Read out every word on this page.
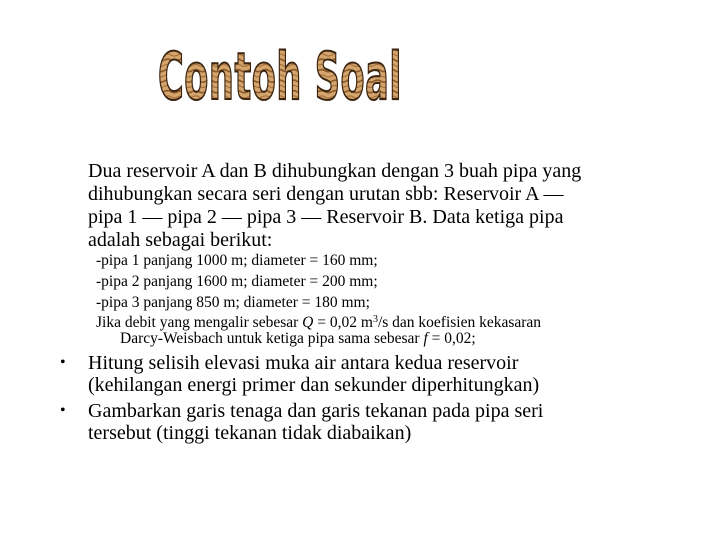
Contoh Soal
Dua reservoir A dan B dihubungkan dengan 3 buah pipa yang
dihubungkan secara seri dengan urutan sbb: Reservoir A —
pipa 1 — pipa 2 — pipa 3 — Reservoir B. Data ketiga pipa
adalah sebagai berikut:
-pipa 1 panjang 1000 m; diameter = 160 mm;
-pipa 2 panjang 1600 m; diameter = 200 mm;
-pipa 3 panjang 850 m; diameter = 180 mm;
Jika debit yang mengalir sebesar Q = 0,02 $m^3/s$ dan koefisien kekasaran
Darcy-Weisbach untuk ketiga pipa sama sebesar f = 0,02;
• Hitung selisih elevasi muka air antara kedua reservoir
(kehilangan energi primer dan sekunder diperhitungkan)
• Gambarkan garis tenaga dan garis tekanan pada pipa seri
tersebut (tinggi tekanan tidak diabaikan)
